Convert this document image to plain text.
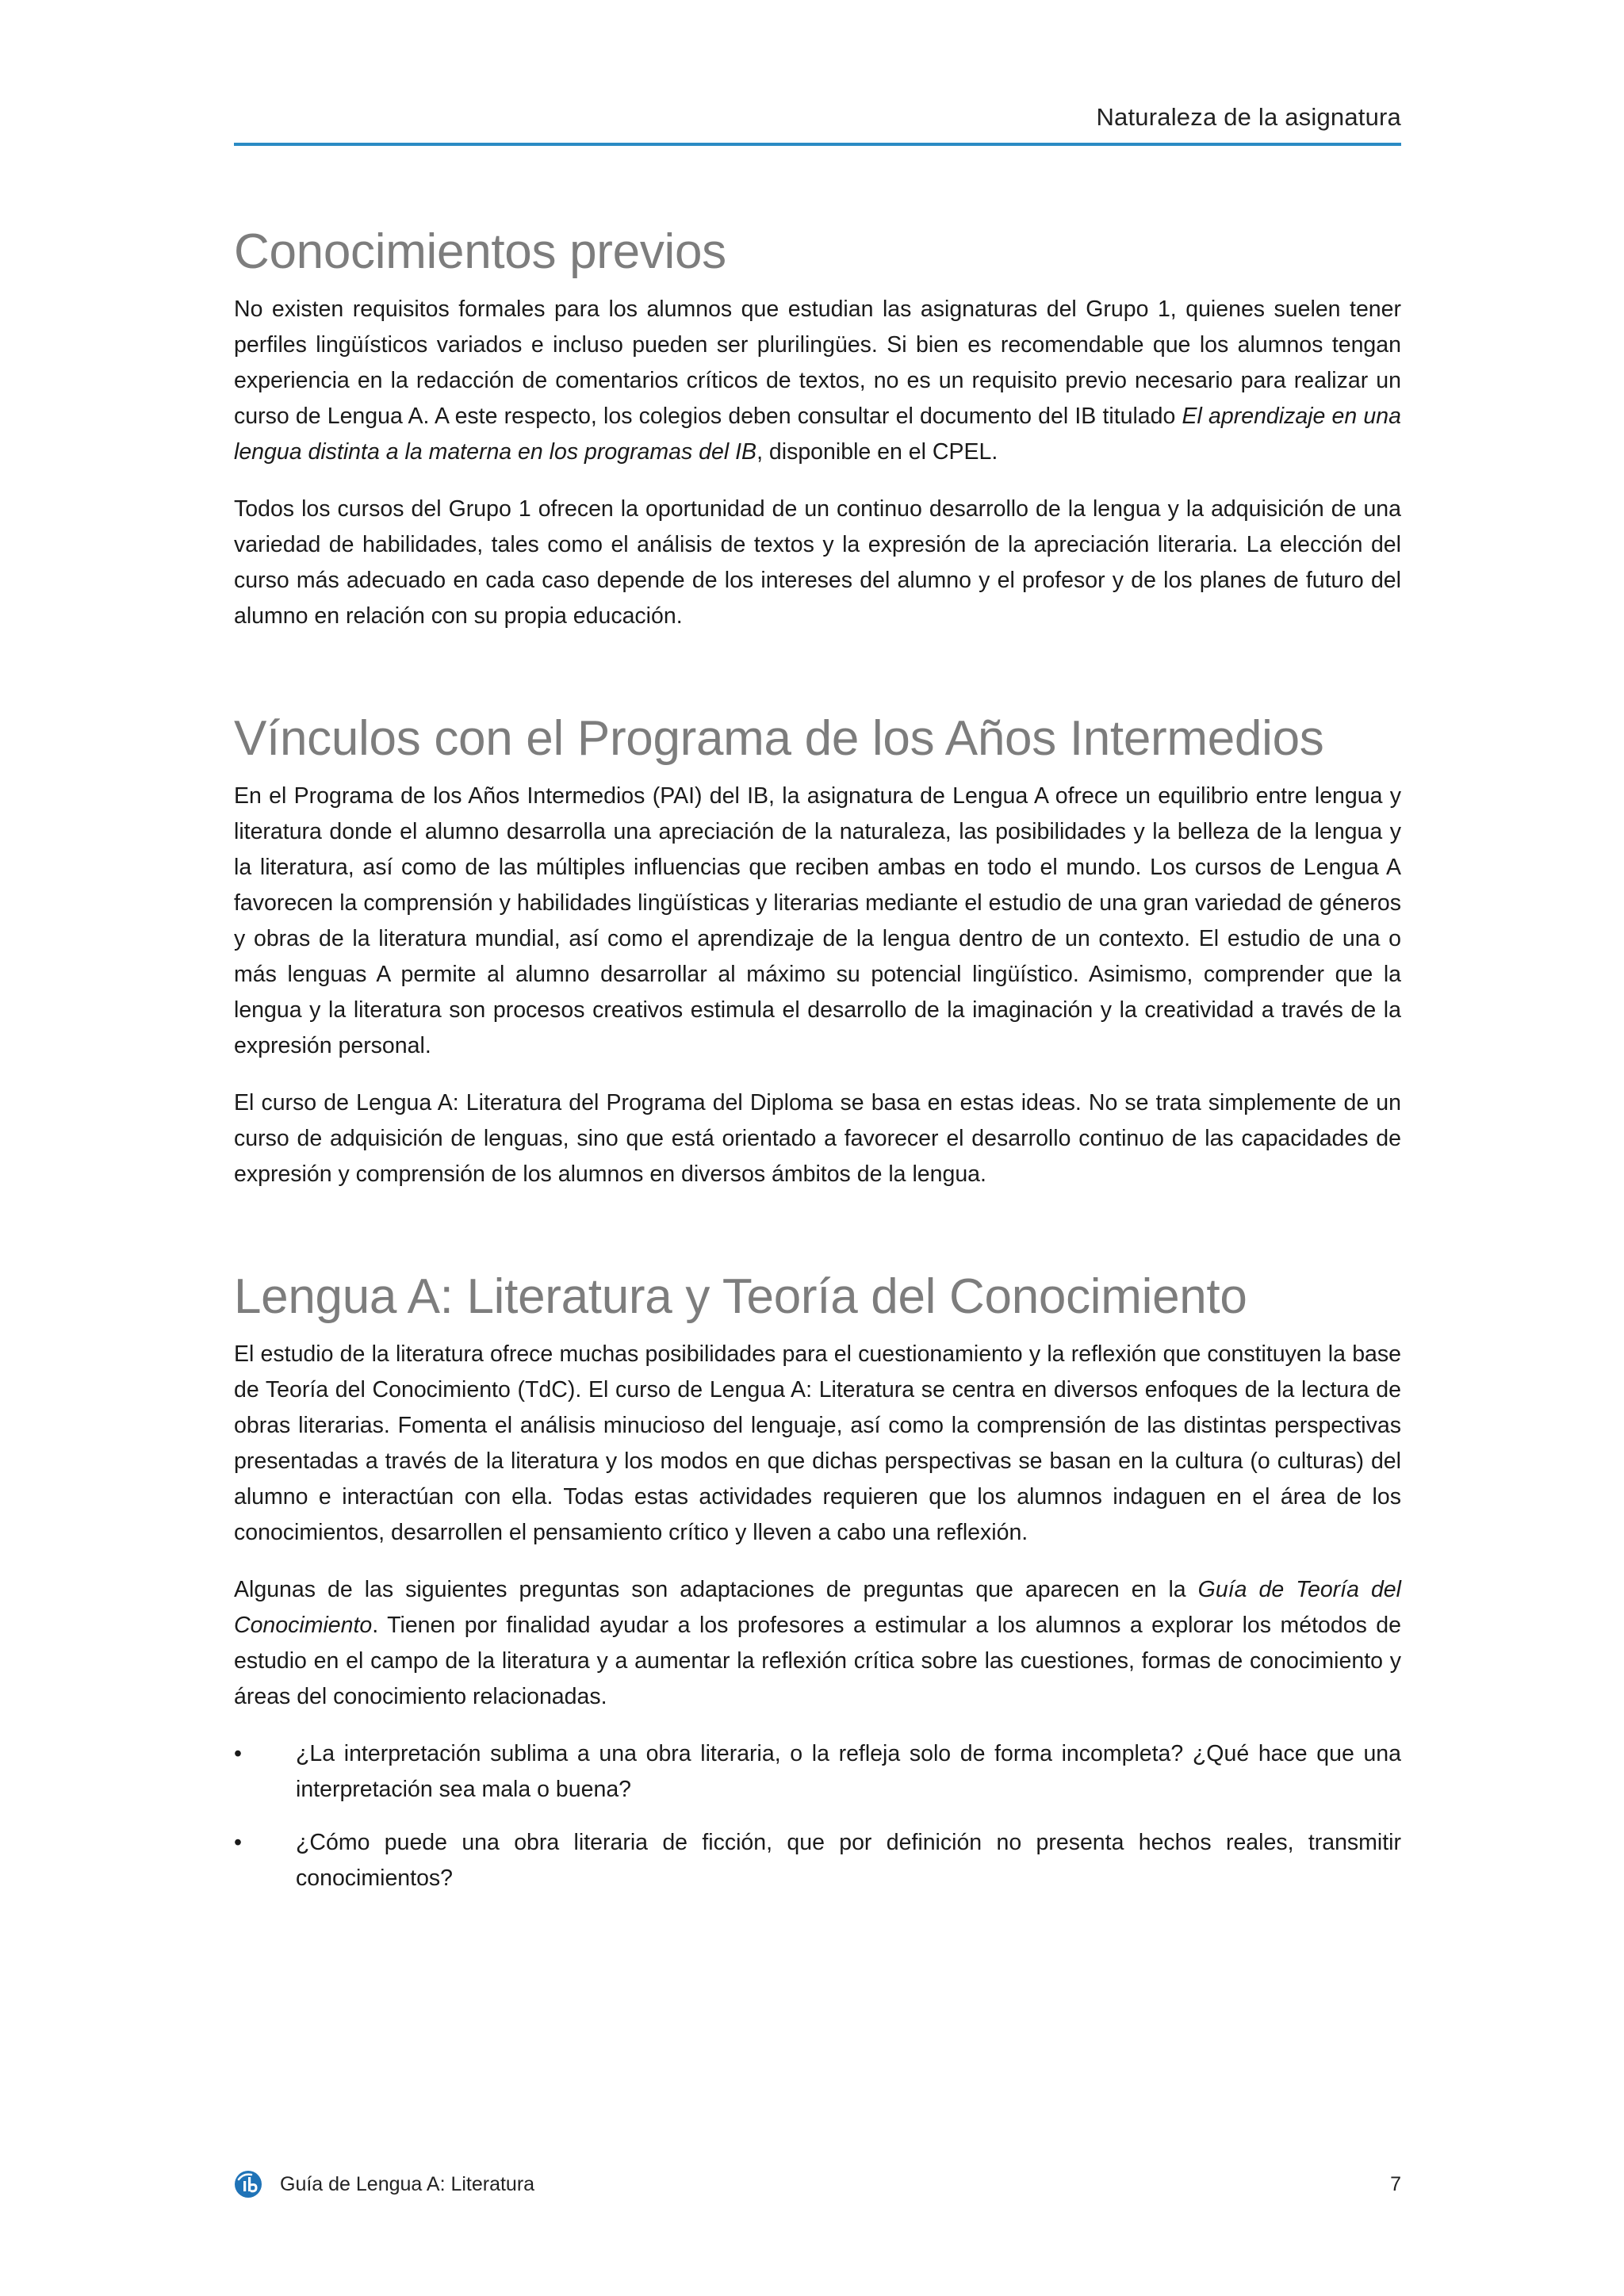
Naturaleza de la asignatura
Conocimientos previos

No existen requisitos formales para los alumnos que estudian las asignaturas del Grupo 1, quienes suelen tener perfiles lingüísticos variados e incluso pueden ser plurilingües. Si bien es recomendable que los alumnos tengan experiencia en la redacción de comentarios críticos de textos, no es un requisito previo necesario para realizar un curso de Lengua A. A este respecto, los colegios deben consultar el documento del IB titulado El aprendizaje en una lengua distinta a la materna en los programas del IB, disponible en el CPEL.

Todos los cursos del Grupo 1 ofrecen la oportunidad de un continuo desarrollo de la lengua y la adquisición de una variedad de habilidades, tales como el análisis de textos y la expresión de la apreciación literaria. La elección del curso más adecuado en cada caso depende de los intereses del alumno y el profesor y de los planes de futuro del alumno en relación con su propia educación.

Vínculos con el Programa de los Años Intermedios

En el Programa de los Años Intermedios (PAI) del IB, la asignatura de Lengua A ofrece un equilibrio entre lengua y literatura donde el alumno desarrolla una apreciación de la naturaleza, las posibilidades y la belleza de la lengua y la literatura, así como de las múltiples influencias que reciben ambas en todo el mundo. Los cursos de Lengua A favorecen la comprensión y habilidades lingüísticas y literarias mediante el estudio de una gran variedad de géneros y obras de la literatura mundial, así como el aprendizaje de la lengua dentro de un contexto. El estudio de una o más lenguas A permite al alumno desarrollar al máximo su potencial lingüístico. Asimismo, comprender que la lengua y la literatura son procesos creativos estimula el desarrollo de la imaginación y la creatividad a través de la expresión personal.

El curso de Lengua A: Literatura del Programa del Diploma se basa en estas ideas. No se trata simplemente de un curso de adquisición de lenguas, sino que está orientado a favorecer el desarrollo continuo de las capacidades de expresión y comprensión de los alumnos en diversos ámbitos de la lengua.

Lengua A: Literatura y Teoría del Conocimiento

El estudio de la literatura ofrece muchas posibilidades para el cuestionamiento y la reflexión que constituyen la base de Teoría del Conocimiento (TdC). El curso de Lengua A: Literatura se centra en diversos enfoques de la lectura de obras literarias. Fomenta el análisis minucioso del lenguaje, así como la comprensión de las distintas perspectivas presentadas a través de la literatura y los modos en que dichas perspectivas se basan en la cultura (o culturas) del alumno e interactúan con ella. Todas estas actividades requieren que los alumnos indaguen en el área de los conocimientos, desarrollen el pensamiento crítico y lleven a cabo una reflexión.

Algunas de las siguientes preguntas son adaptaciones de preguntas que aparecen en la Guía de Teoría del Conocimiento. Tienen por finalidad ayudar a los profesores a estimular a los alumnos a explorar los métodos de estudio en el campo de la literatura y a aumentar la reflexión crítica sobre las cuestiones, formas de conocimiento y áreas del conocimiento relacionadas.

•	¿La interpretación sublima a una obra literaria, o la refleja solo de forma incompleta? ¿Qué hace que una interpretación sea mala o buena?
•	¿Cómo puede una obra literaria de ficción, que por definición no presenta hechos reales, transmitir conocimientos?
Guía de Lengua A: Literatura	7
